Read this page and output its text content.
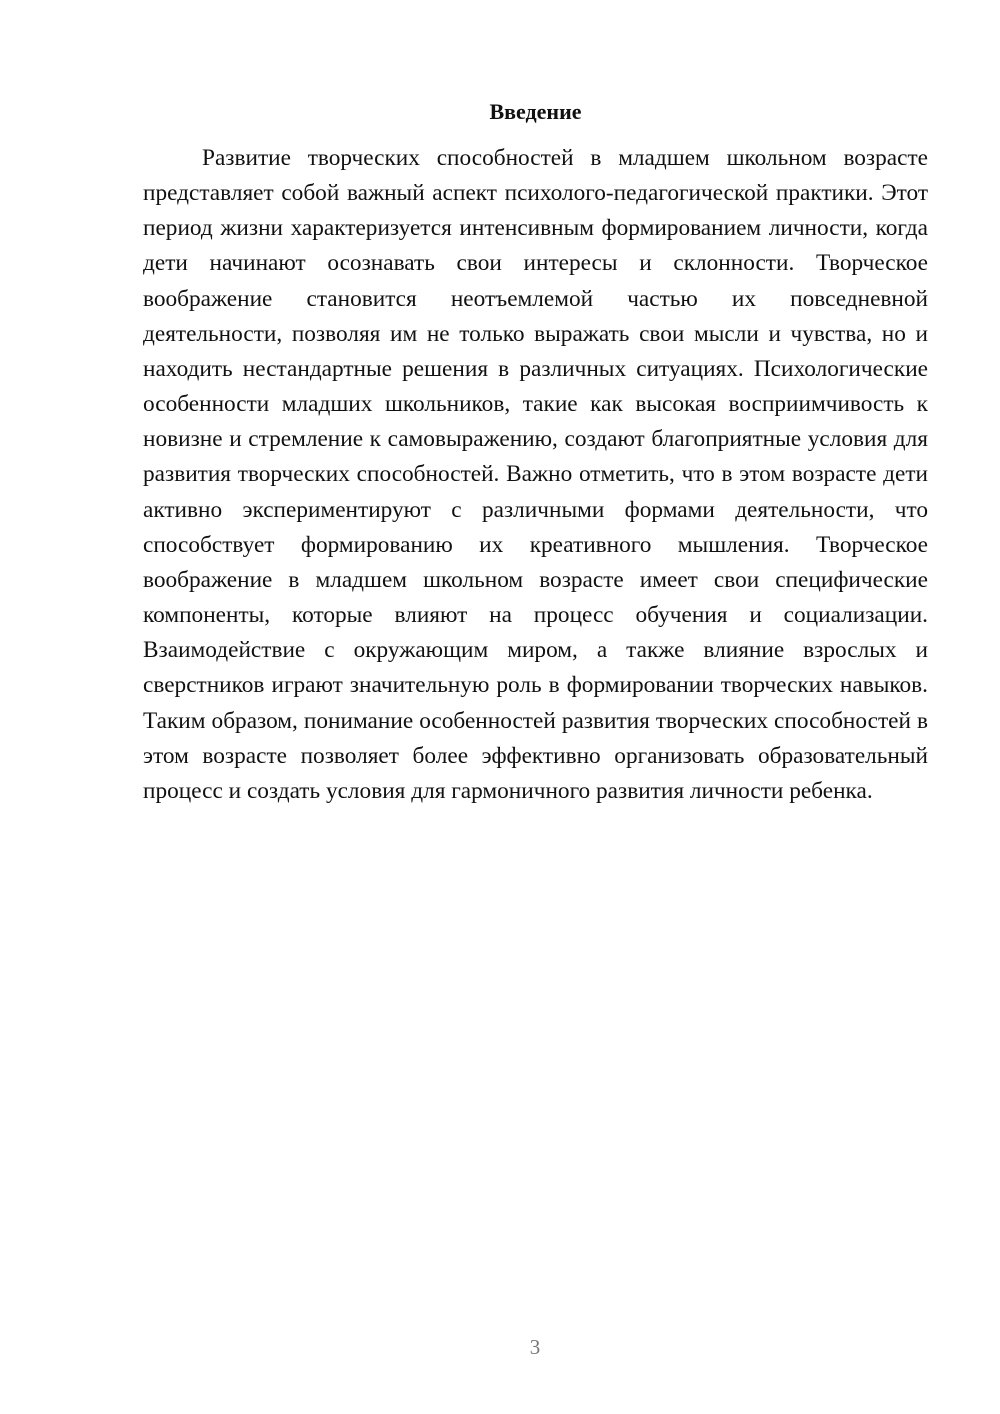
Введение

Развитие творческих способностей в младшем школьном возрасте представляет собой важный аспект психолого-педагогической практики. Этот период жизни характеризуется интенсивным формированием личности, когда дети начинают осознавать свои интересы и склонности. Творческое воображение становится неотъемлемой частью их повседневной деятельности, позволяя им не только выражать свои мысли и чувства, но и находить нестандартные решения в различных ситуациях. Психологические особенности младших школьников, такие как высокая восприимчивость к новизне и стремление к самовыражению, создают благоприятные условия для развития творческих способностей. Важно отметить, что в этом возрасте дети активно экспериментируют с различными формами деятельности, что способствует формированию их креативного мышления. Творческое воображение в младшем школьном возрасте имеет свои специфические компоненты, которые влияют на процесс обучения и социализации. Взаимодействие с окружающим миром, а также влияние взрослых и сверстников играют значительную роль в формировании творческих навыков. Таким образом, понимание особенностей развития творческих способностей в этом возрасте позволяет более эффективно организовать образовательный процесс и создать условия для гармоничного развития личности ребенка.

3
